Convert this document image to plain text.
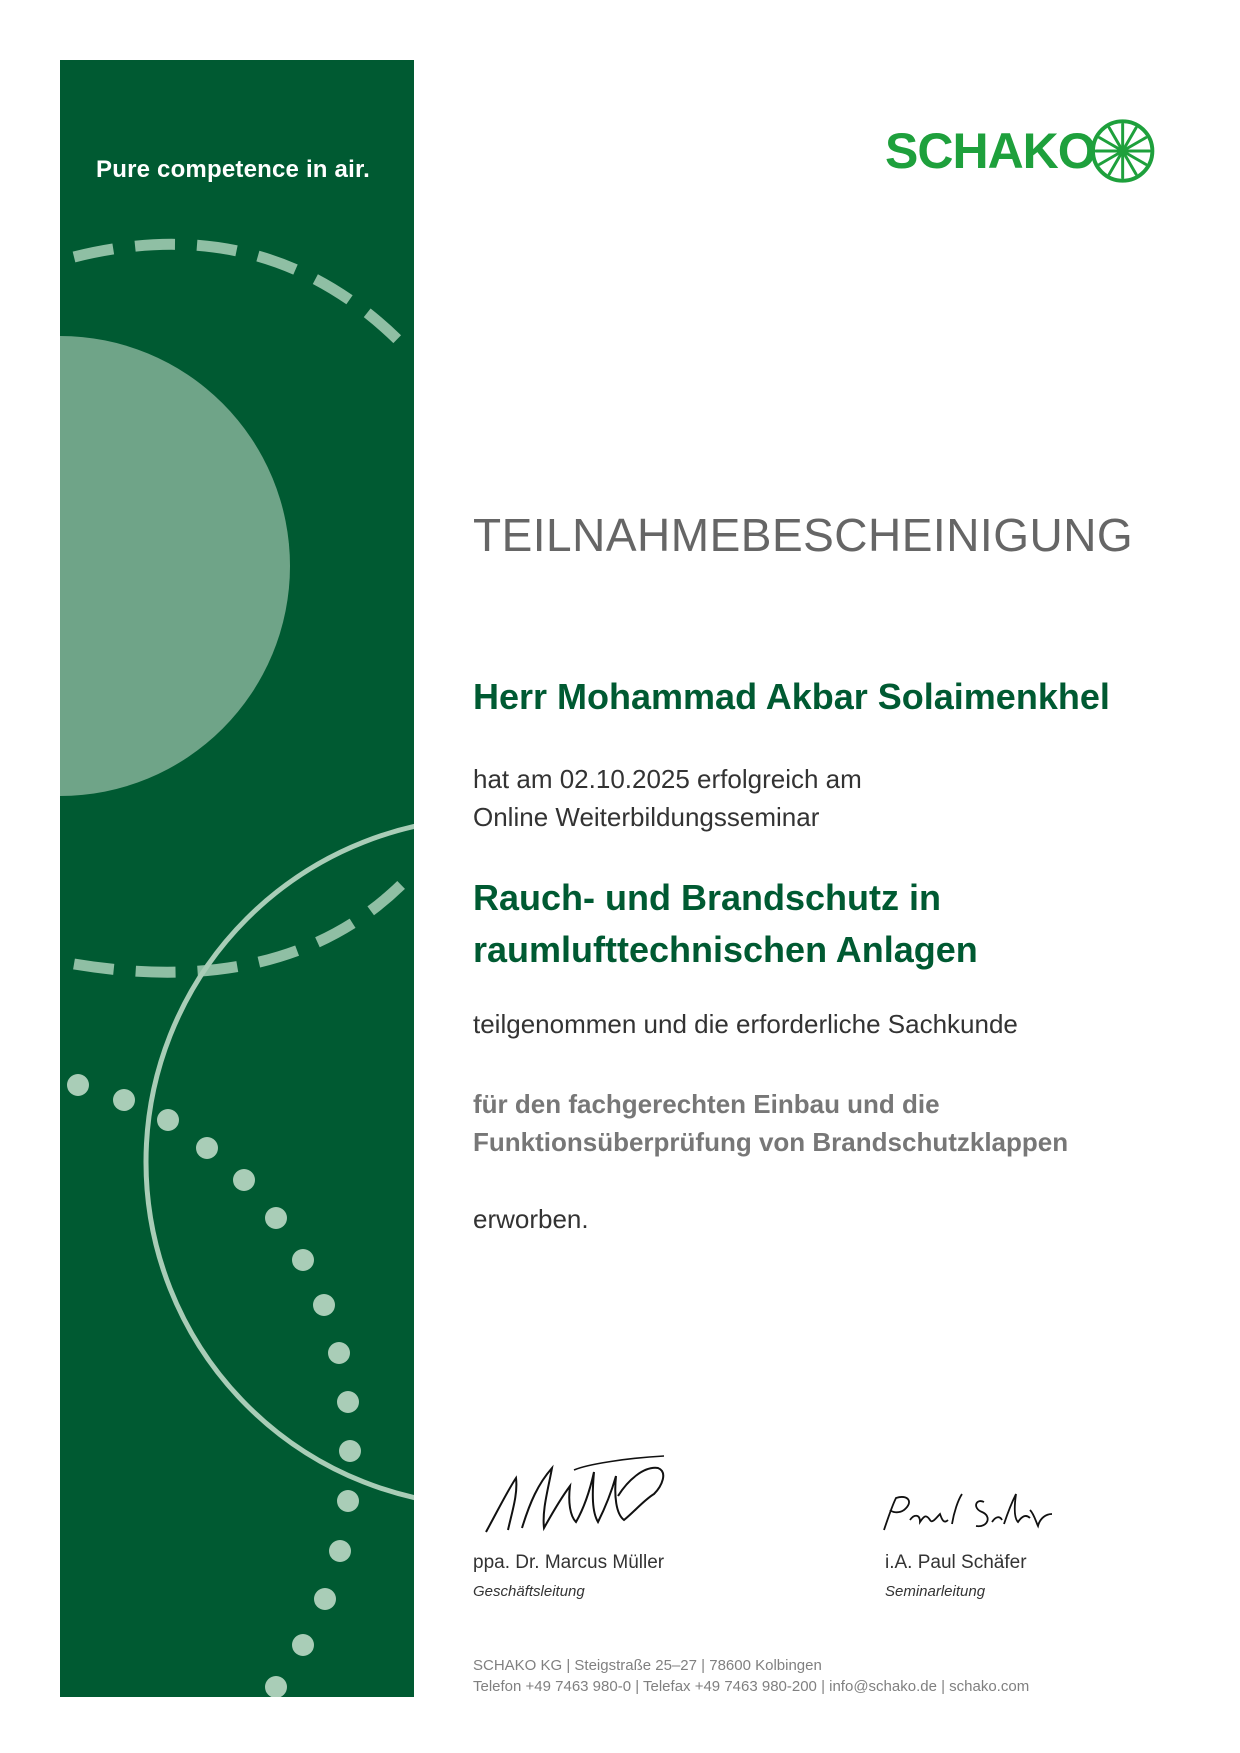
Pure competence in air.	SCHAKO
TEILNAHMEBESCHEINIGUNG
Herr Mohammad Akbar Solaimenkhel
hat am 02.10.2025 erfolgreich am
Online Weiterbildungsseminar
Rauch- und Brandschutz in
raumlufttechnischen Anlagen
teilgenommen und die erforderliche Sachkunde
für den fachgerechten Einbau und die
Funktionsüberprüfung von Brandschutzklappen
erworben.
ppa. Dr. Marcus Müller
Geschäftsleitung
i.A. Paul Schäfer
Seminarleitung
SCHAKO KG | Steigstraße 25–27 | 78600 Kolbingen
Telefon +49 7463 980-0 | Telefax +49 7463 980-200 | info@schako.de | schako.com
